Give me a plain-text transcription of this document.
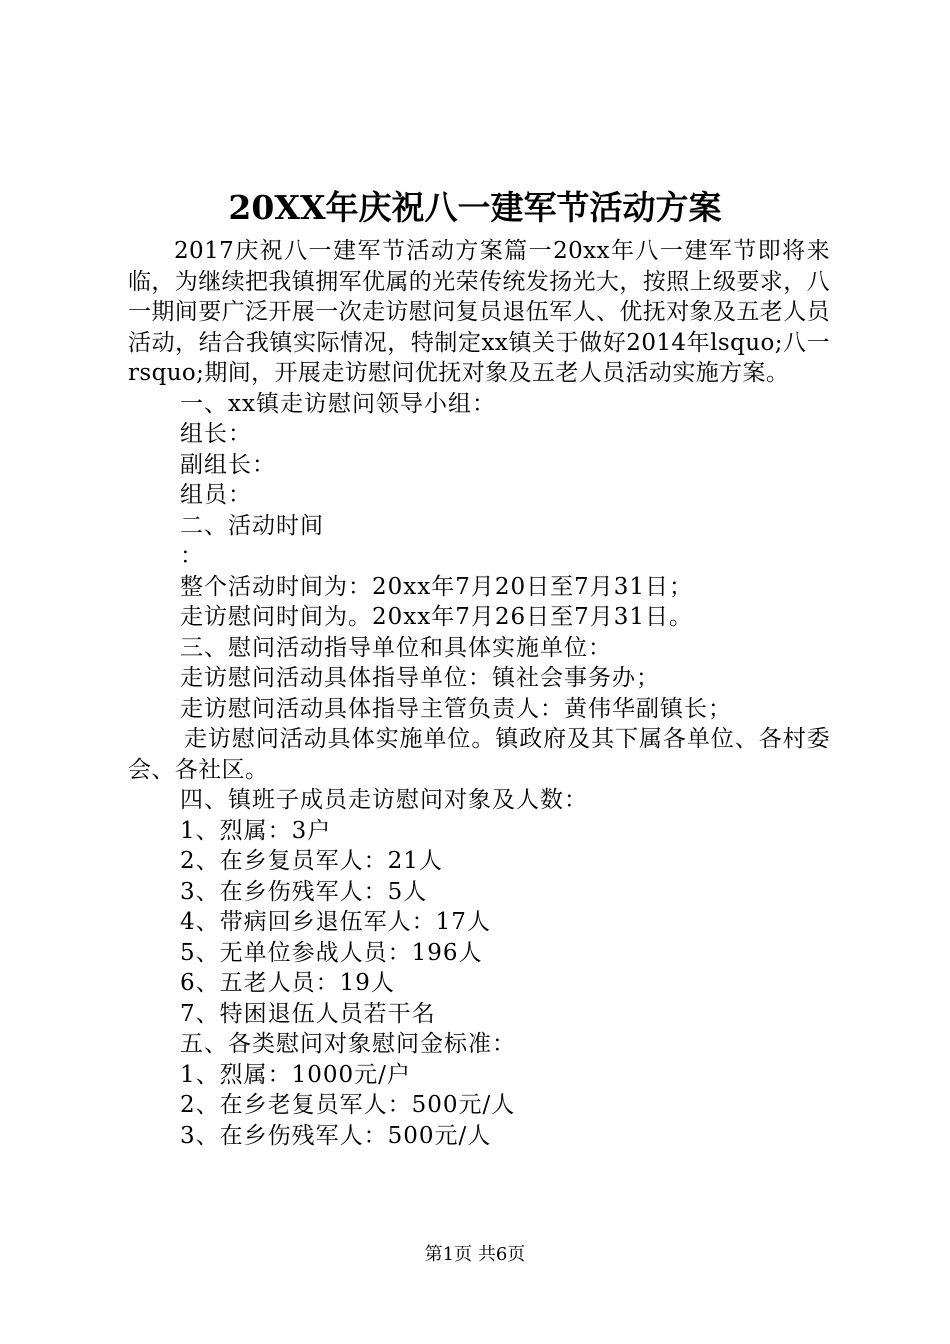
20XX年庆祝八一建军节活动方案

2017庆祝八一建军节活动方案篇一20xx年八一建军节即将来临，为继续把我镇拥军优属的光荣传统发扬光大，按照上级要求，八一期间要广泛开展一次走访慰问复员退伍军人、优抚对象及五老人员活动，结合我镇实际情况，特制定xx镇关于做好2014年lsquo;八一rsquo;期间，开展走访慰问优抚对象及五老人员活动实施方案。

一、xx镇走访慰问领导小组：

组长：

副组长：

组员：

二、活动时间

：

整个活动时间为：20xx年7月20日至7月31日；

走访慰问时间为。20xx年7月26日至7月31日。

三、慰问活动指导单位和具体实施单位：

走访慰问活动具体指导单位：镇社会事务办；

走访慰问活动具体指导主管负责人：黄伟华副镇长；

走访慰问活动具体实施单位。镇政府及其下属各单位、各村委会、各社区。

四、镇班子成员走访慰问对象及人数：

1、烈属：3户

2、在乡复员军人：21人

3、在乡伤残军人：5人

4、带病回乡退伍军人：17人

5、无单位参战人员：196人

6、五老人员：19人

7、特困退伍人员若干名

五、各类慰问对象慰问金标准：

1、烈属：1000元/户

2、在乡老复员军人：500元/人

3、在乡伤残军人：500元/人

第1页 共6页
